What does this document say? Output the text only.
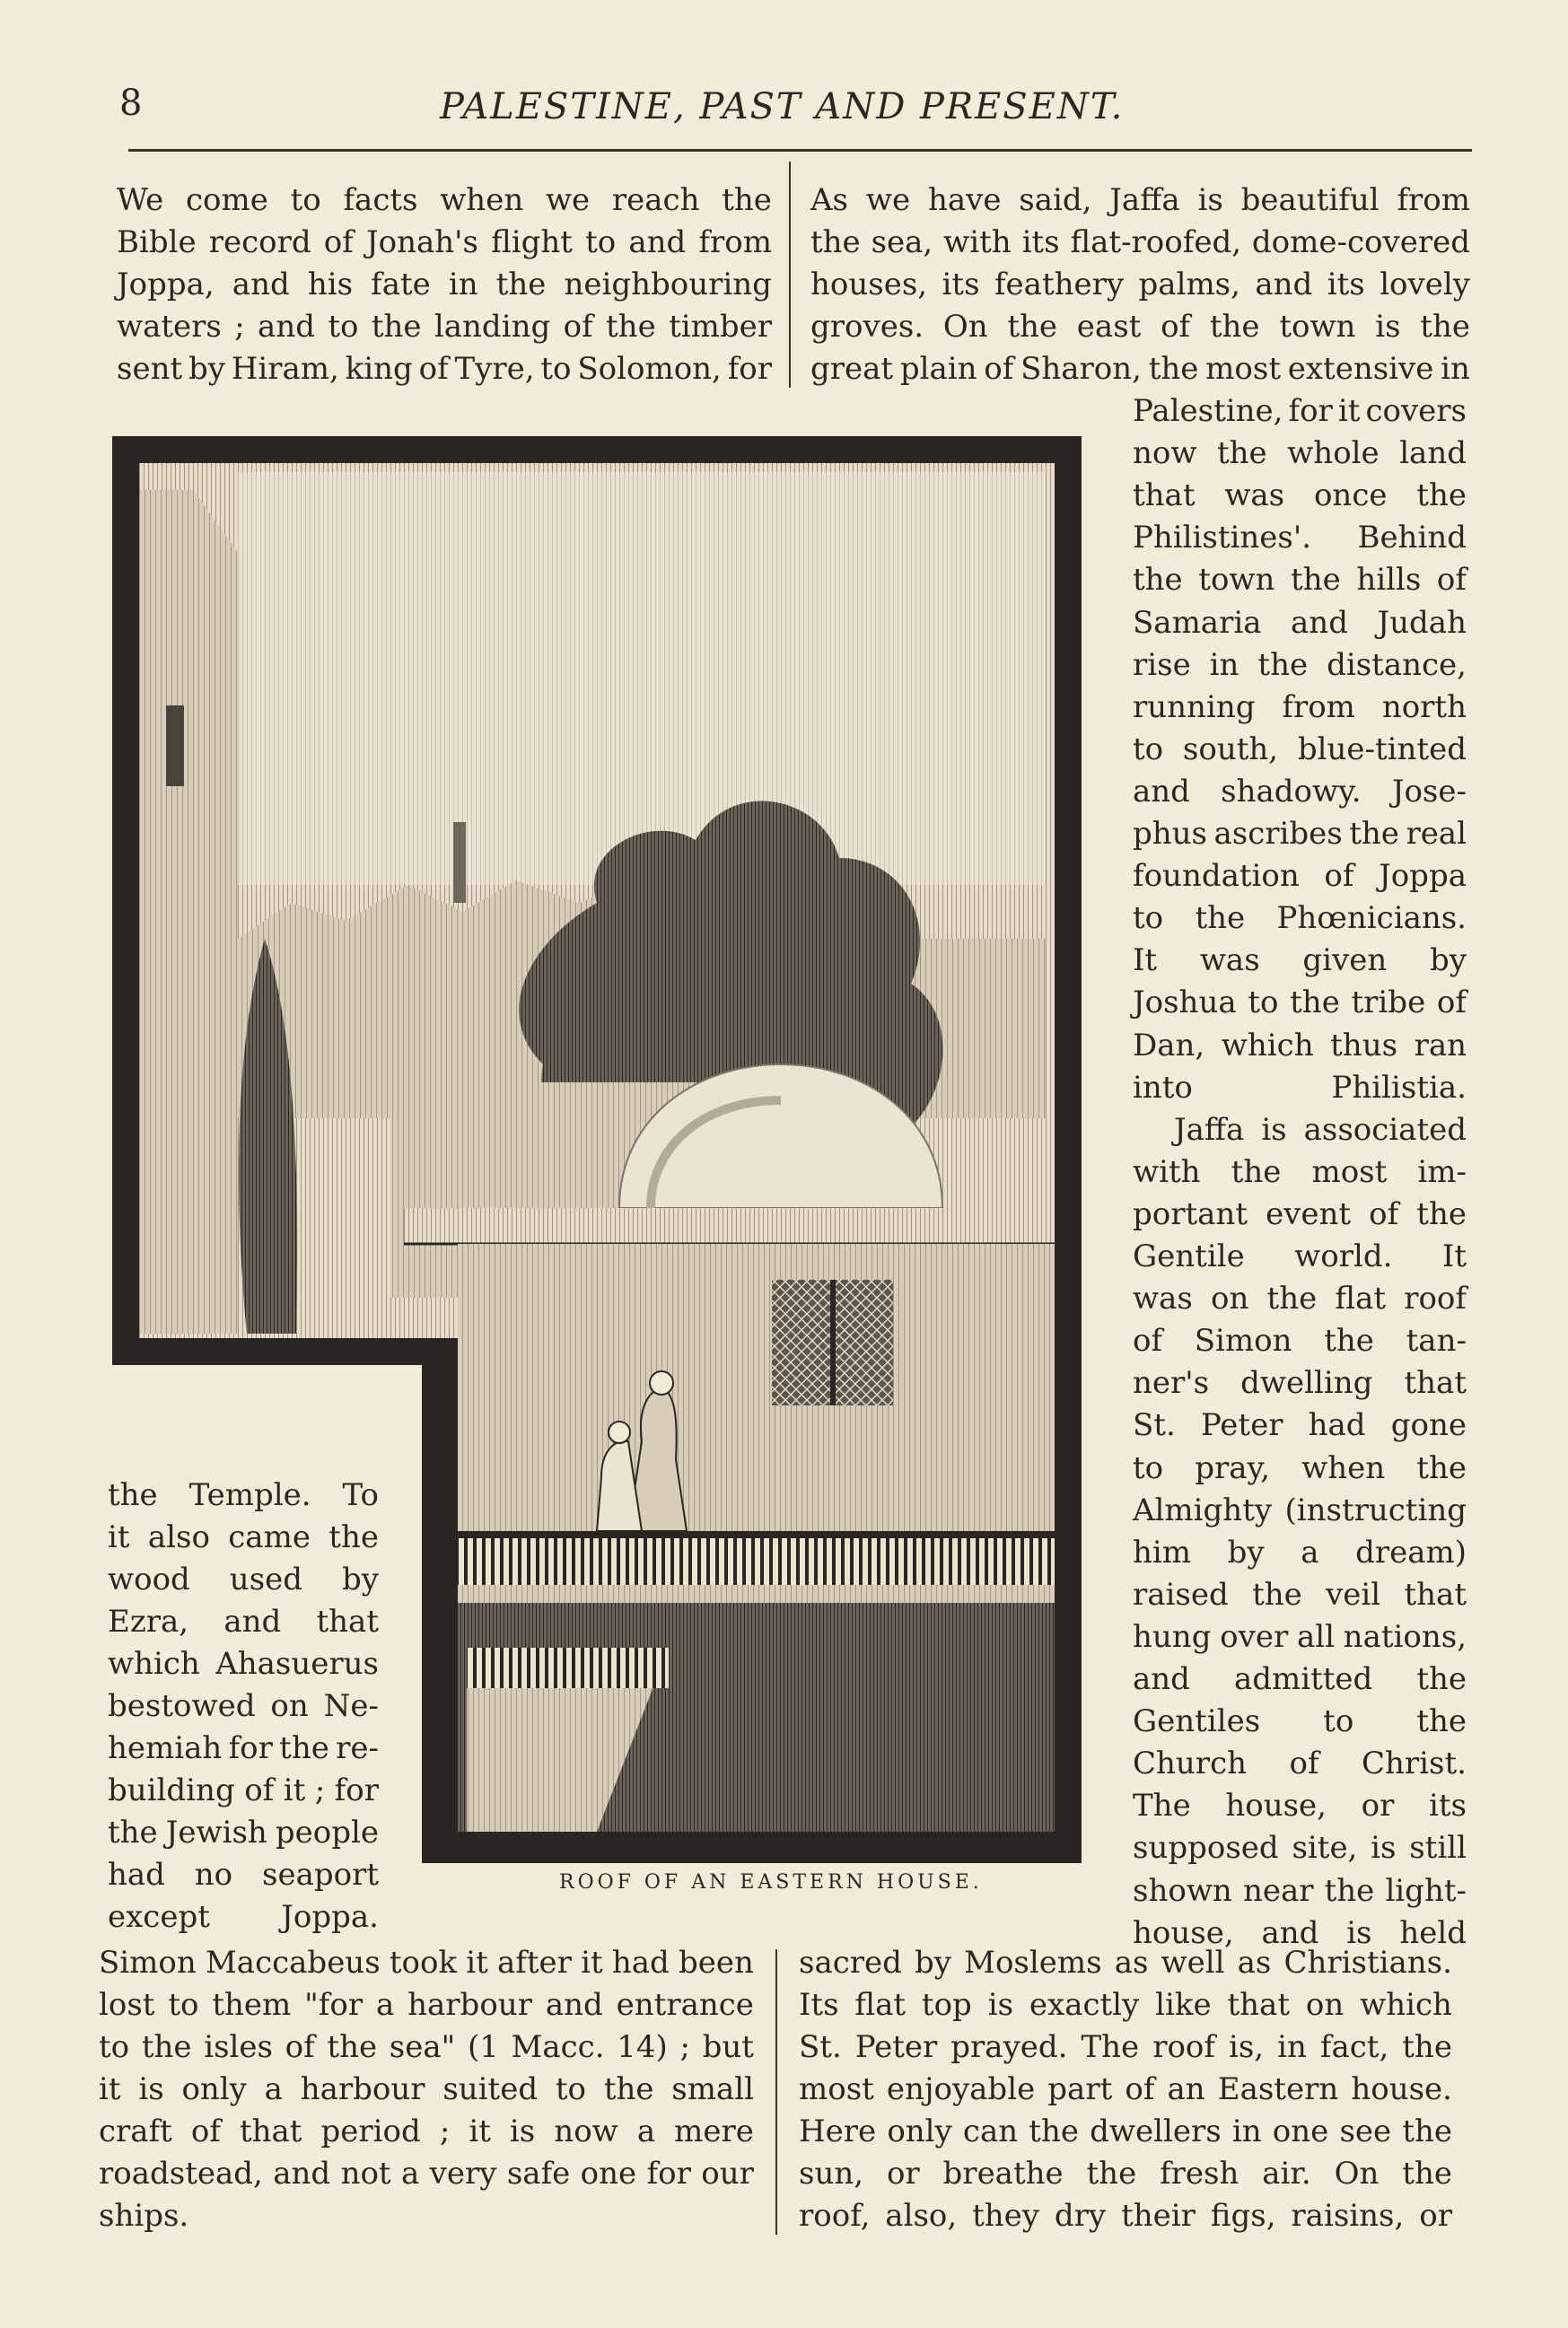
8	PALESTINE, PAST AND PRESENT.
We come to facts when we reach the
Bible record of Jonah's flight to and from
Joppa, and his fate in the neighbouring
waters ; and to the landing of the timber
sent by Hiram, king of Tyre, to Solomon, for
As we have said, Jaffa is beautiful from
the sea, with its flat-roofed, dome-covered
houses, its feathery palms, and its lovely
groves. On the east of the town is the
great plain of Sharon, the most extensive in
Palestine, for it covers
now the whole land
that was once the
Philistines'. Behind
the town the hills of
Samaria and Judah
rise in the distance,
running from north
to south, blue-tinted
and shadowy. Jose-
phus ascribes the real
foundation of Joppa
to the Phœnicians.
It was given by
Joshua to the tribe of
Dan, which thus ran
into	Philistia.
Jaffa is associated
with the most im-
portant event of the
Gentile world. It
was on the flat roof
of Simon the tan-
ner's dwelling that
St. Peter had gone
to pray, when the
Almighty (instructing
him by a dream)
raised the veil that
hung over all nations,
and admitted the
Gentiles to the
Church of Christ.
The house, or its
supposed site, is still
shown near the light-
house, and is held
the Temple. To
it also came the
wood used by
Ezra, and that
which Ahasuerus
bestowed on Ne-
hemiah for the re-
building of it ; for
the Jewish people
had no seaport
except Joppa.
Simon Maccabeus took it after it had been
lost to them "for a harbour and entrance
to the isles of the sea" (1 Macc. 14) ; but
it is only a harbour suited to the small
craft of that period ; it is now a mere
roadstead, and not a very safe one for our
ships.
sacred by Moslems as well as Christians.
Its flat top is exactly like that on which
St. Peter prayed. The roof is, in fact, the
most enjoyable part of an Eastern house.
Here only can the dwellers in one see the
sun, or breathe the fresh air. On the
roof, also, they dry their figs, raisins, or
ROOF OF AN EASTERN HOUSE.
